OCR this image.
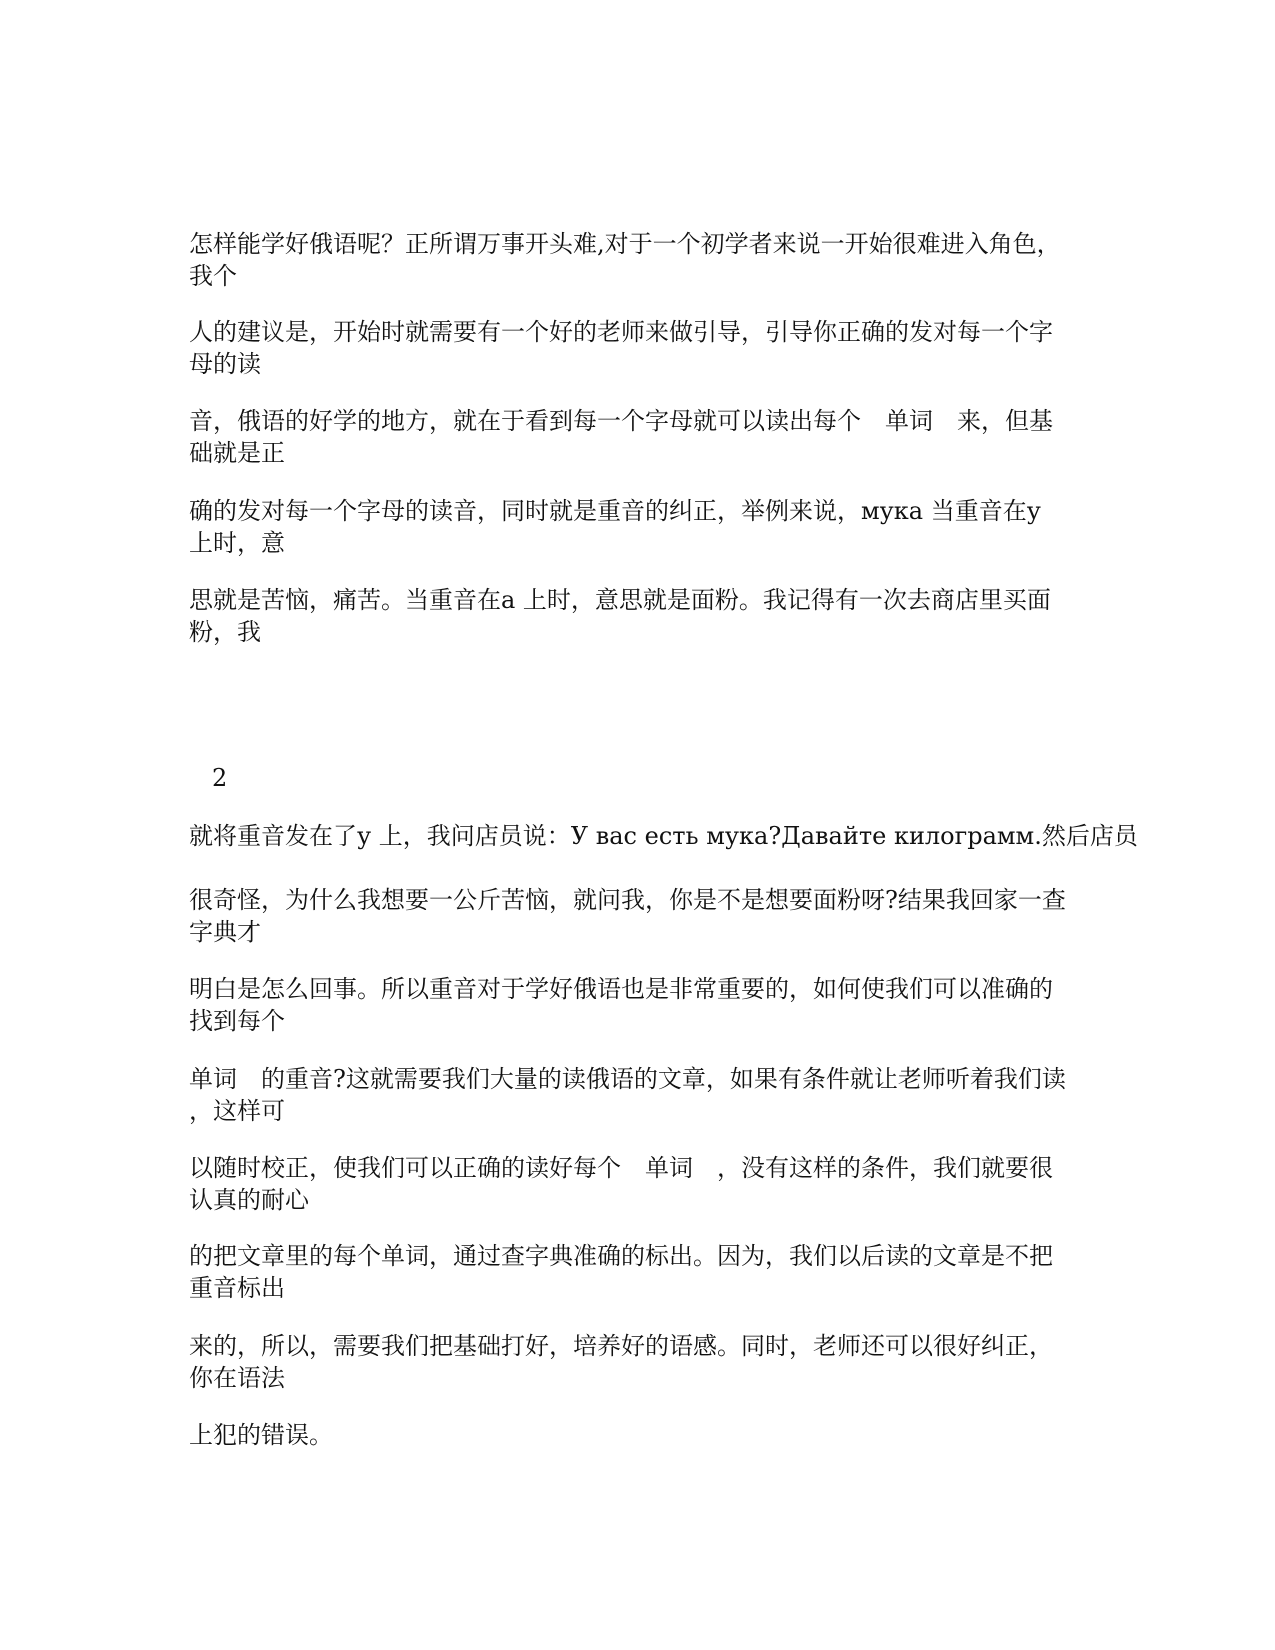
怎样能学好俄语呢？正所谓万事开头难,对于一个初学者来说一开始很难进入角色，
我个
人的建议是，开始时就需要有一个好的老师来做引导，引导你正确的发对每一个字
母的读
音，俄语的好学的地方，就在于看到每一个字母就可以读出每个　单词　来，但基
础就是正
确的发对每一个字母的读音，同时就是重音的纠正，举例来说，мука 当重音在у
上时，意
思就是苦恼，痛苦。当重音在а 上时，意思就是面粉。我记得有一次去商店里买面
粉，我
2
就将重音发在了у 上，我问店员说：У вас есть мука?Давайте килограмм.然后店员
很奇怪，为什么我想要一公斤苦恼，就问我，你是不是想要面粉呀?结果我回家一查
字典才
明白是怎么回事。所以重音对于学好俄语也是非常重要的，如何使我们可以准确的
找到每个
单词　的重音?这就需要我们大量的读俄语的文章，如果有条件就让老师听着我们读
，这样可
以随时校正，使我们可以正确的读好每个　单词　，没有这样的条件，我们就要很
认真的耐心
的把文章里的每个单词，通过查字典准确的标出。因为，我们以后读的文章是不把
重音标出
来的，所以，需要我们把基础打好，培养好的语感。同时，老师还可以很好纠正，
你在语法
上犯的错误。
